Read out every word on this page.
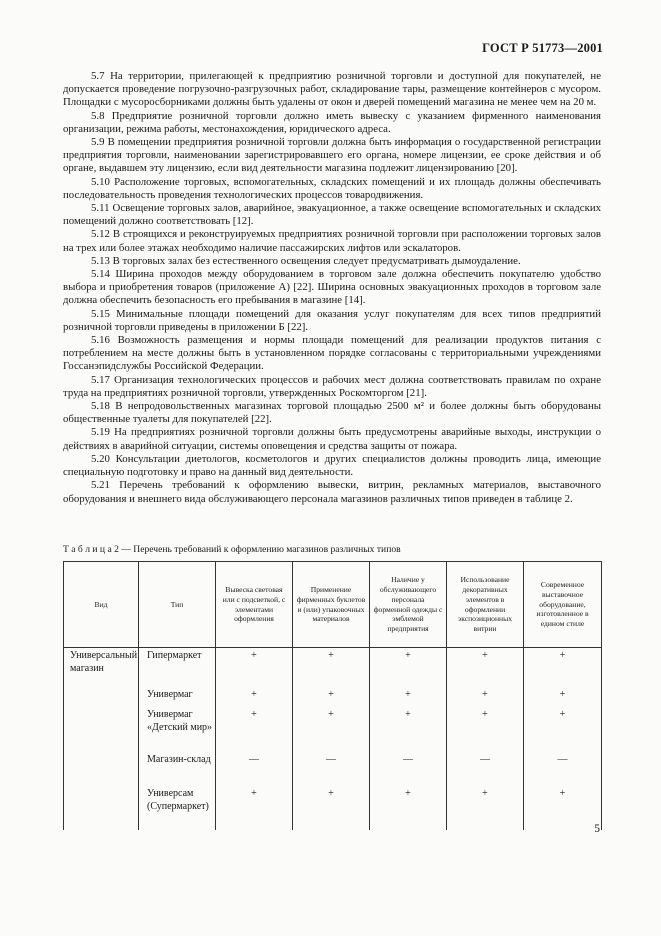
ГОСТ Р 51773—2001

5.7 На территории, прилегающей к предприятию розничной торговли и доступной для покупателей, не допускается проведение погрузочно-разгрузочных работ, складирование тары, размещение контейнеров с мусором. Площадки с мусоросборниками должны быть удалены от окон и дверей помещений магазина не менее чем на 20 м.

5.8 Предприятие розничной торговли должно иметь вывеску с указанием фирменного наименования организации, режима работы, местонахождения, юридического адреса.

5.9 В помещении предприятия розничной торговли должна быть информация о государственной регистрации предприятия торговли, наименовании зарегистрировавшего его органа, номере лицензии, ее сроке действия и об органе, выдавшем эту лицензию, если вид деятельности магазина подлежит лицензированию [20].

5.10 Расположение торговых, вспомогательных, складских помещений и их площадь должны обеспечивать последовательность проведения технологических процессов товародвижения.

5.11 Освещение торговых залов, аварийное, эвакуационное, а также освещение вспомогательных и складских помещений должно соответствовать [12].

5.12 В строящихся и реконструируемых предприятиях розничной торговли при расположении торговых залов на трех или более этажах необходимо наличие пассажирских лифтов или эскалаторов.

5.13 В торговых залах без естественного освещения следует предусматривать дымоудаление.

5.14 Ширина проходов между оборудованием в торговом зале должна обеспечить покупателю удобство выбора и приобретения товаров (приложение А) [22]. Ширина основных эвакуационных проходов в торговом зале должна обеспечить безопасность его пребывания в магазине [14].

5.15 Минимальные площади помещений для оказания услуг покупателям для всех типов предприятий розничной торговли приведены в приложении Б [22].

5.16 Возможность размещения и нормы площади помещений для реализации продуктов питания с потреблением на месте должны быть в установленном порядке согласованы с территориальными учреждениями Госсанэпидслужбы Российской Федерации.

5.17 Организация технологических процессов и рабочих мест должна соответствовать правилам по охране труда на предприятиях розничной торговли, утвержденных Роскомторгом [21].

5.18 В непродовольственных магазинах торговой площадью 2500 м² и более должны быть оборудованы общественные туалеты для покупателей [22].

5.19 На предприятиях розничной торговли должны быть предусмотрены аварийные выходы, инструкции о действиях в аварийной ситуации, системы оповещения и средства защиты от пожара.

5.20 Консультации диетологов, косметологов и других специалистов должны проводить лица, имеющие специальную подготовку и право на данный вид деятельности.

5.21 Перечень требований к оформлению вывески, витрин, рекламных материалов, выставочного оборудования и внешнего вида обслуживающего персонала магазинов различных типов приведен в таблице 2.

Т а б л и ц а 2 — Перечень требований к оформлению магазинов различных типов
Вид	Тип	Вывеска световая или с подсветкой, с элементами оформления	Применение фирменных буклетов и (или) упаковочных материалов	Наличие у обслуживающего персонала форменной одежды с эмблемой предприятия	Использование декоративных элементов в оформлении экспозиционных витрин	Современное выставочное оборудование, изготовленное в едином стиле
Универсальный магазин	Гипермаркет	+	+	+	+	+
	Универмаг	+	+	+	+	+
	Универмаг «Детский мир»	+	+	+	+	+
	Магазин-склад	—	—	—	—	—
	Универсам (Супермаркет)	+	+	+	+	+
5
